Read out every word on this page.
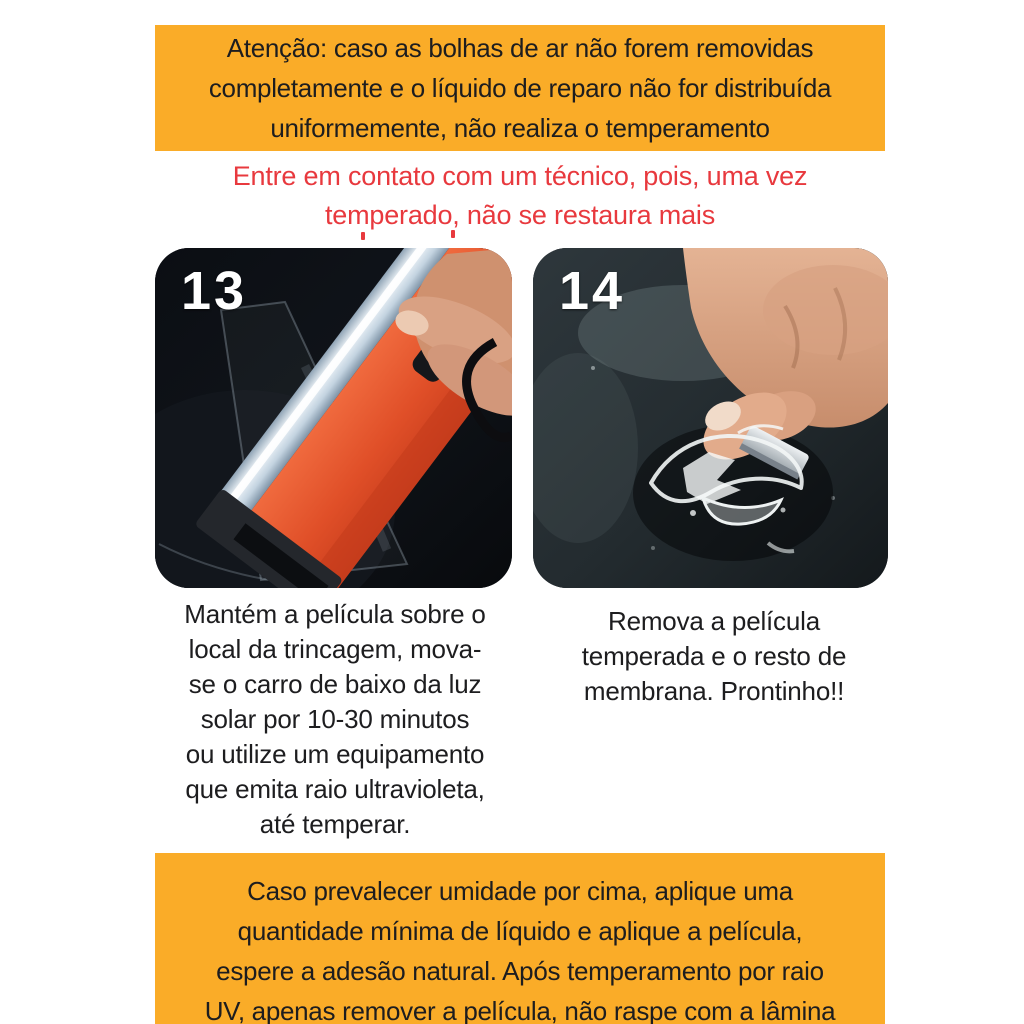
Atenção: caso as bolhas de ar não forem removidas
completamente e o líquido de reparo não for distribuída
uniformemente, não realiza o temperamento
Entre em contato com um técnico, pois, uma vez
temperado, não se restaura mais
13	14
Mantém a película sobre o
local da trincagem, mova-
se o carro de baixo da luz
solar por 10-30 minutos
ou utilize um equipamento
que emita raio ultravioleta,
até temperar.
Remova a película
temperada e o resto de
membrana. Prontinho!!
Caso prevalecer umidade por cima, aplique uma
quantidade mínima de líquido e aplique a película,
espere a adesão natural. Após temperamento por raio
UV, apenas remover a película, não raspe com a lâmina
